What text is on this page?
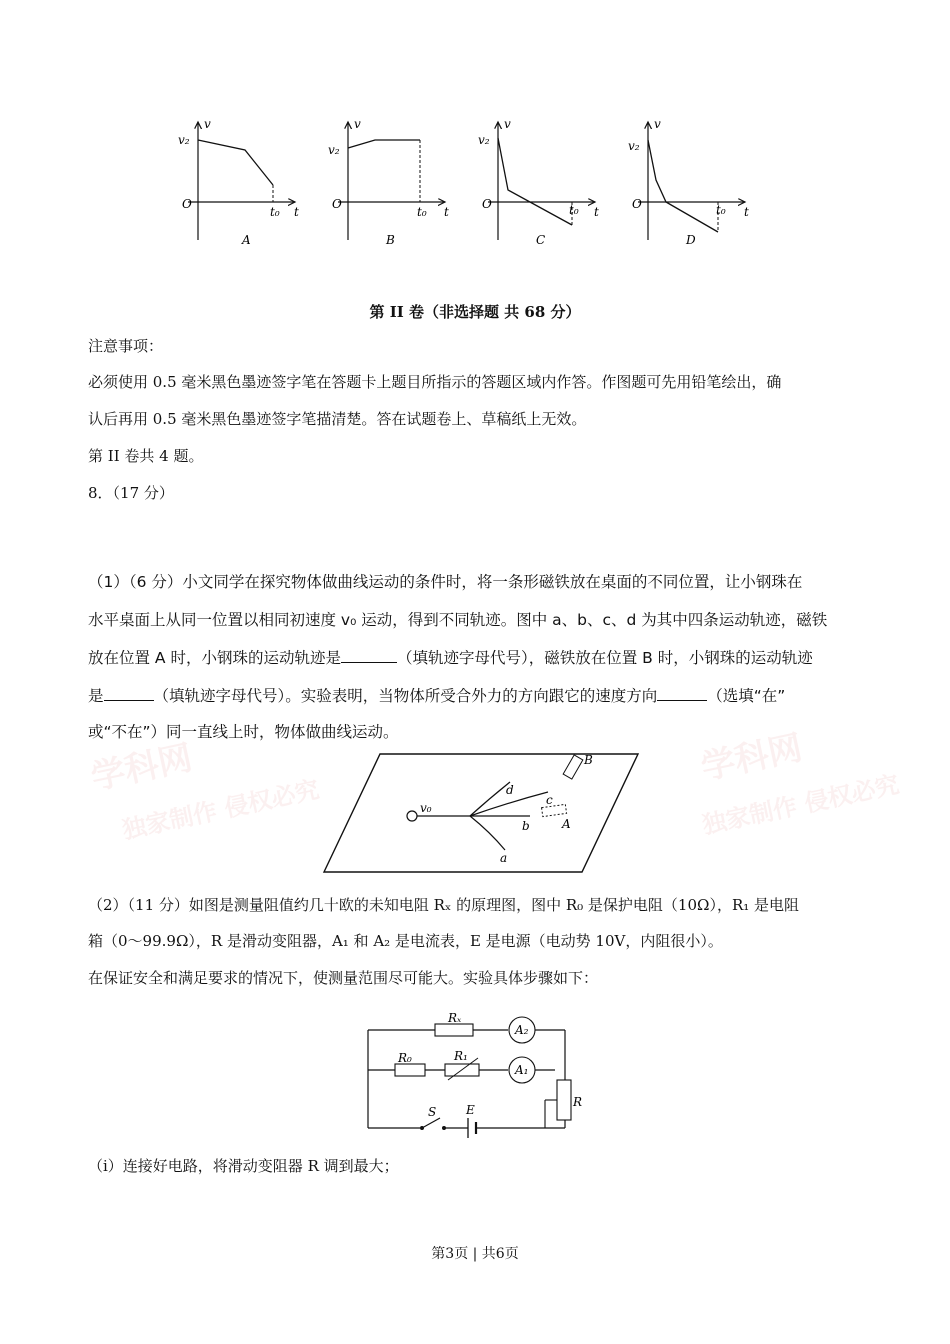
学科网
独家制作 侵权必究
学科网
独家制作 侵权必究
v
v₂
O
t₀ t
A
v
v₂
O
t₀ t
B
v
v₂
O	t₀ t
C
v
v₂
O	t₀ t
D
第 II 卷（非选择题 共 68 分）
注意事项：
必须使用 0.5 毫米黑色墨迹签字笔在答题卡上题目所指示的答题区域内作答。作图题可先用铅笔绘出，确
认后再用 0.5 毫米黑色墨迹签字笔描清楚。答在试题卷上、草稿纸上无效。
第 II 卷共 4 题。
8．（17 分）
（1）（6 分）小文同学在探究物体做曲线运动的条件时，将一条形磁铁放在桌面的不同位置，让小钢珠在
水平桌面上从同一位置以相同初速度 v₀ 运动，得到不同轨迹。图中 a、b、c、d 为其中四条运动轨迹，磁铁
放在位置 A 时，小钢珠的运动轨迹是	（填轨迹字母代号），磁铁放在位置 B 时，小钢珠的运动轨迹
是	（填轨迹字母代号）。实验表明，当物体所受合外力的方向跟它的速度方向	（选填“在”
或“不在”）同一直线上时，物体做曲线运动。
v₀
d
c
b
a
A
B
（2）（11 分）如图是测量阻值约几十欧的未知电阻 Rₓ 的原理图，图中 R₀ 是保护电阻（10Ω），R₁ 是电阻
箱（0～99.9Ω），R 是滑动变阻器，A₁ 和 A₂ 是电流表，E 是电源（电动势 10V，内阻很小）。
在保证安全和满足要求的情况下，使测量范围尽可能大。实验具体步骤如下：
Rₓ
A₂
R₀	R₁
A₁
R
S E
（i）连接好电路，将滑动变阻器 R 调到最大；
第3页 | 共6页
